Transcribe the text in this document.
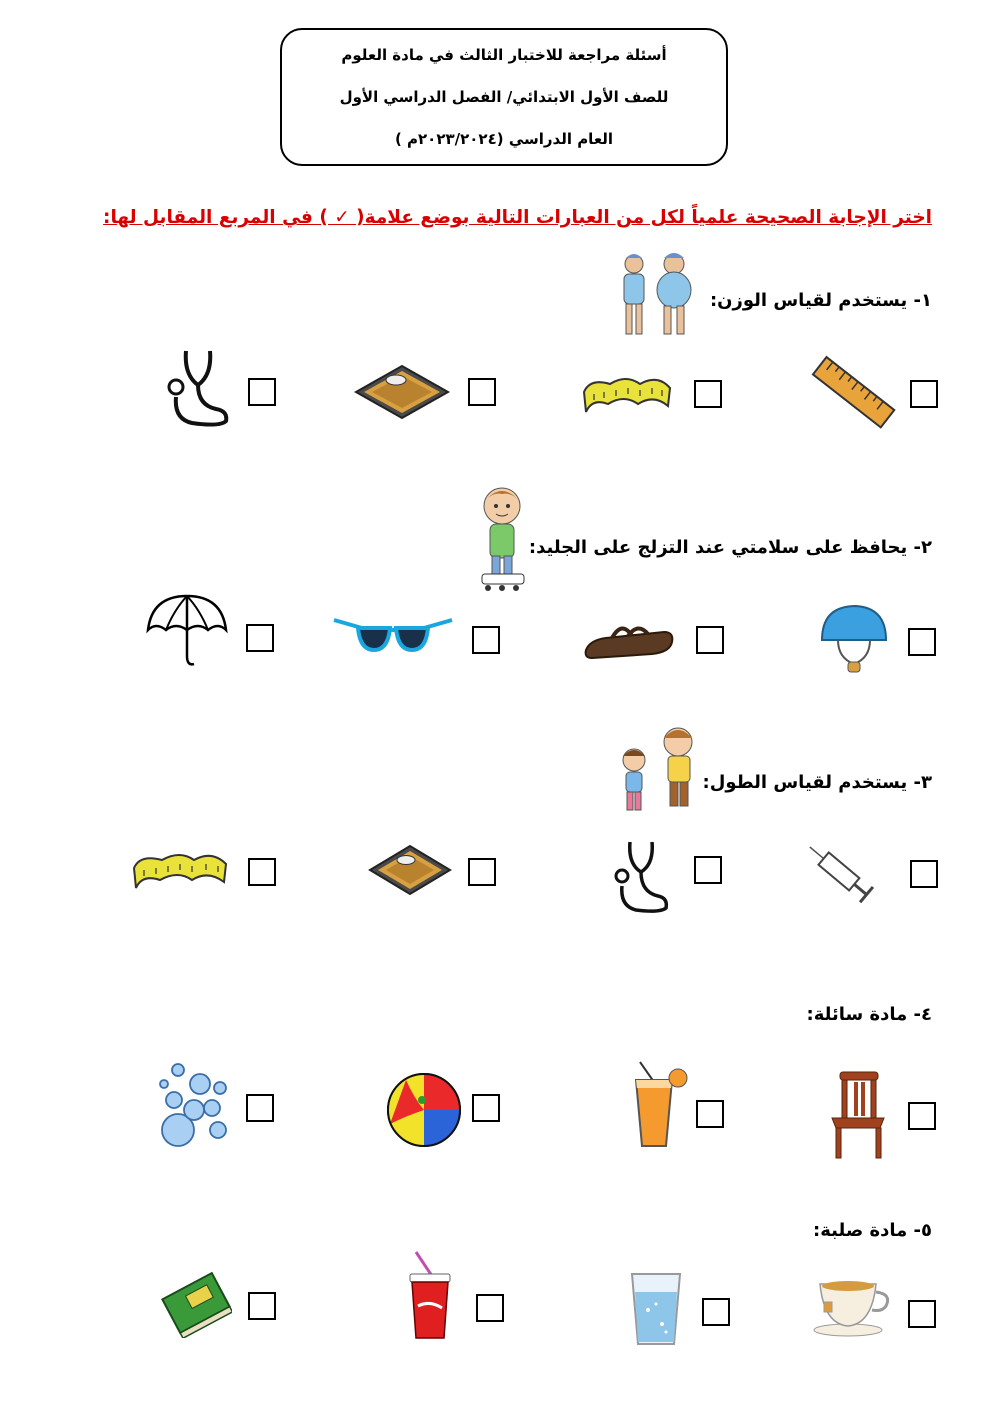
أسئلة مراجعة للاختبار الثالث في مادة العلوم
للصف الأول الابتدائي/ الفصل الدراسي الأول
العام الدراسي (٢٠٢٣/٢٠٢٤م )
اختر الإجابة الصحيحة علمياً لكل من العبارات التالية بوضع علامة( ✓ ) في المربع المقابل لها:
١- يستخدم لقياس الوزن:
٢- يحافظ على سلامتي عند التزلج على الجليد:
٣- يستخدم لقياس الطول:
٤- مادة سائلة:
٥- مادة صلبة:
